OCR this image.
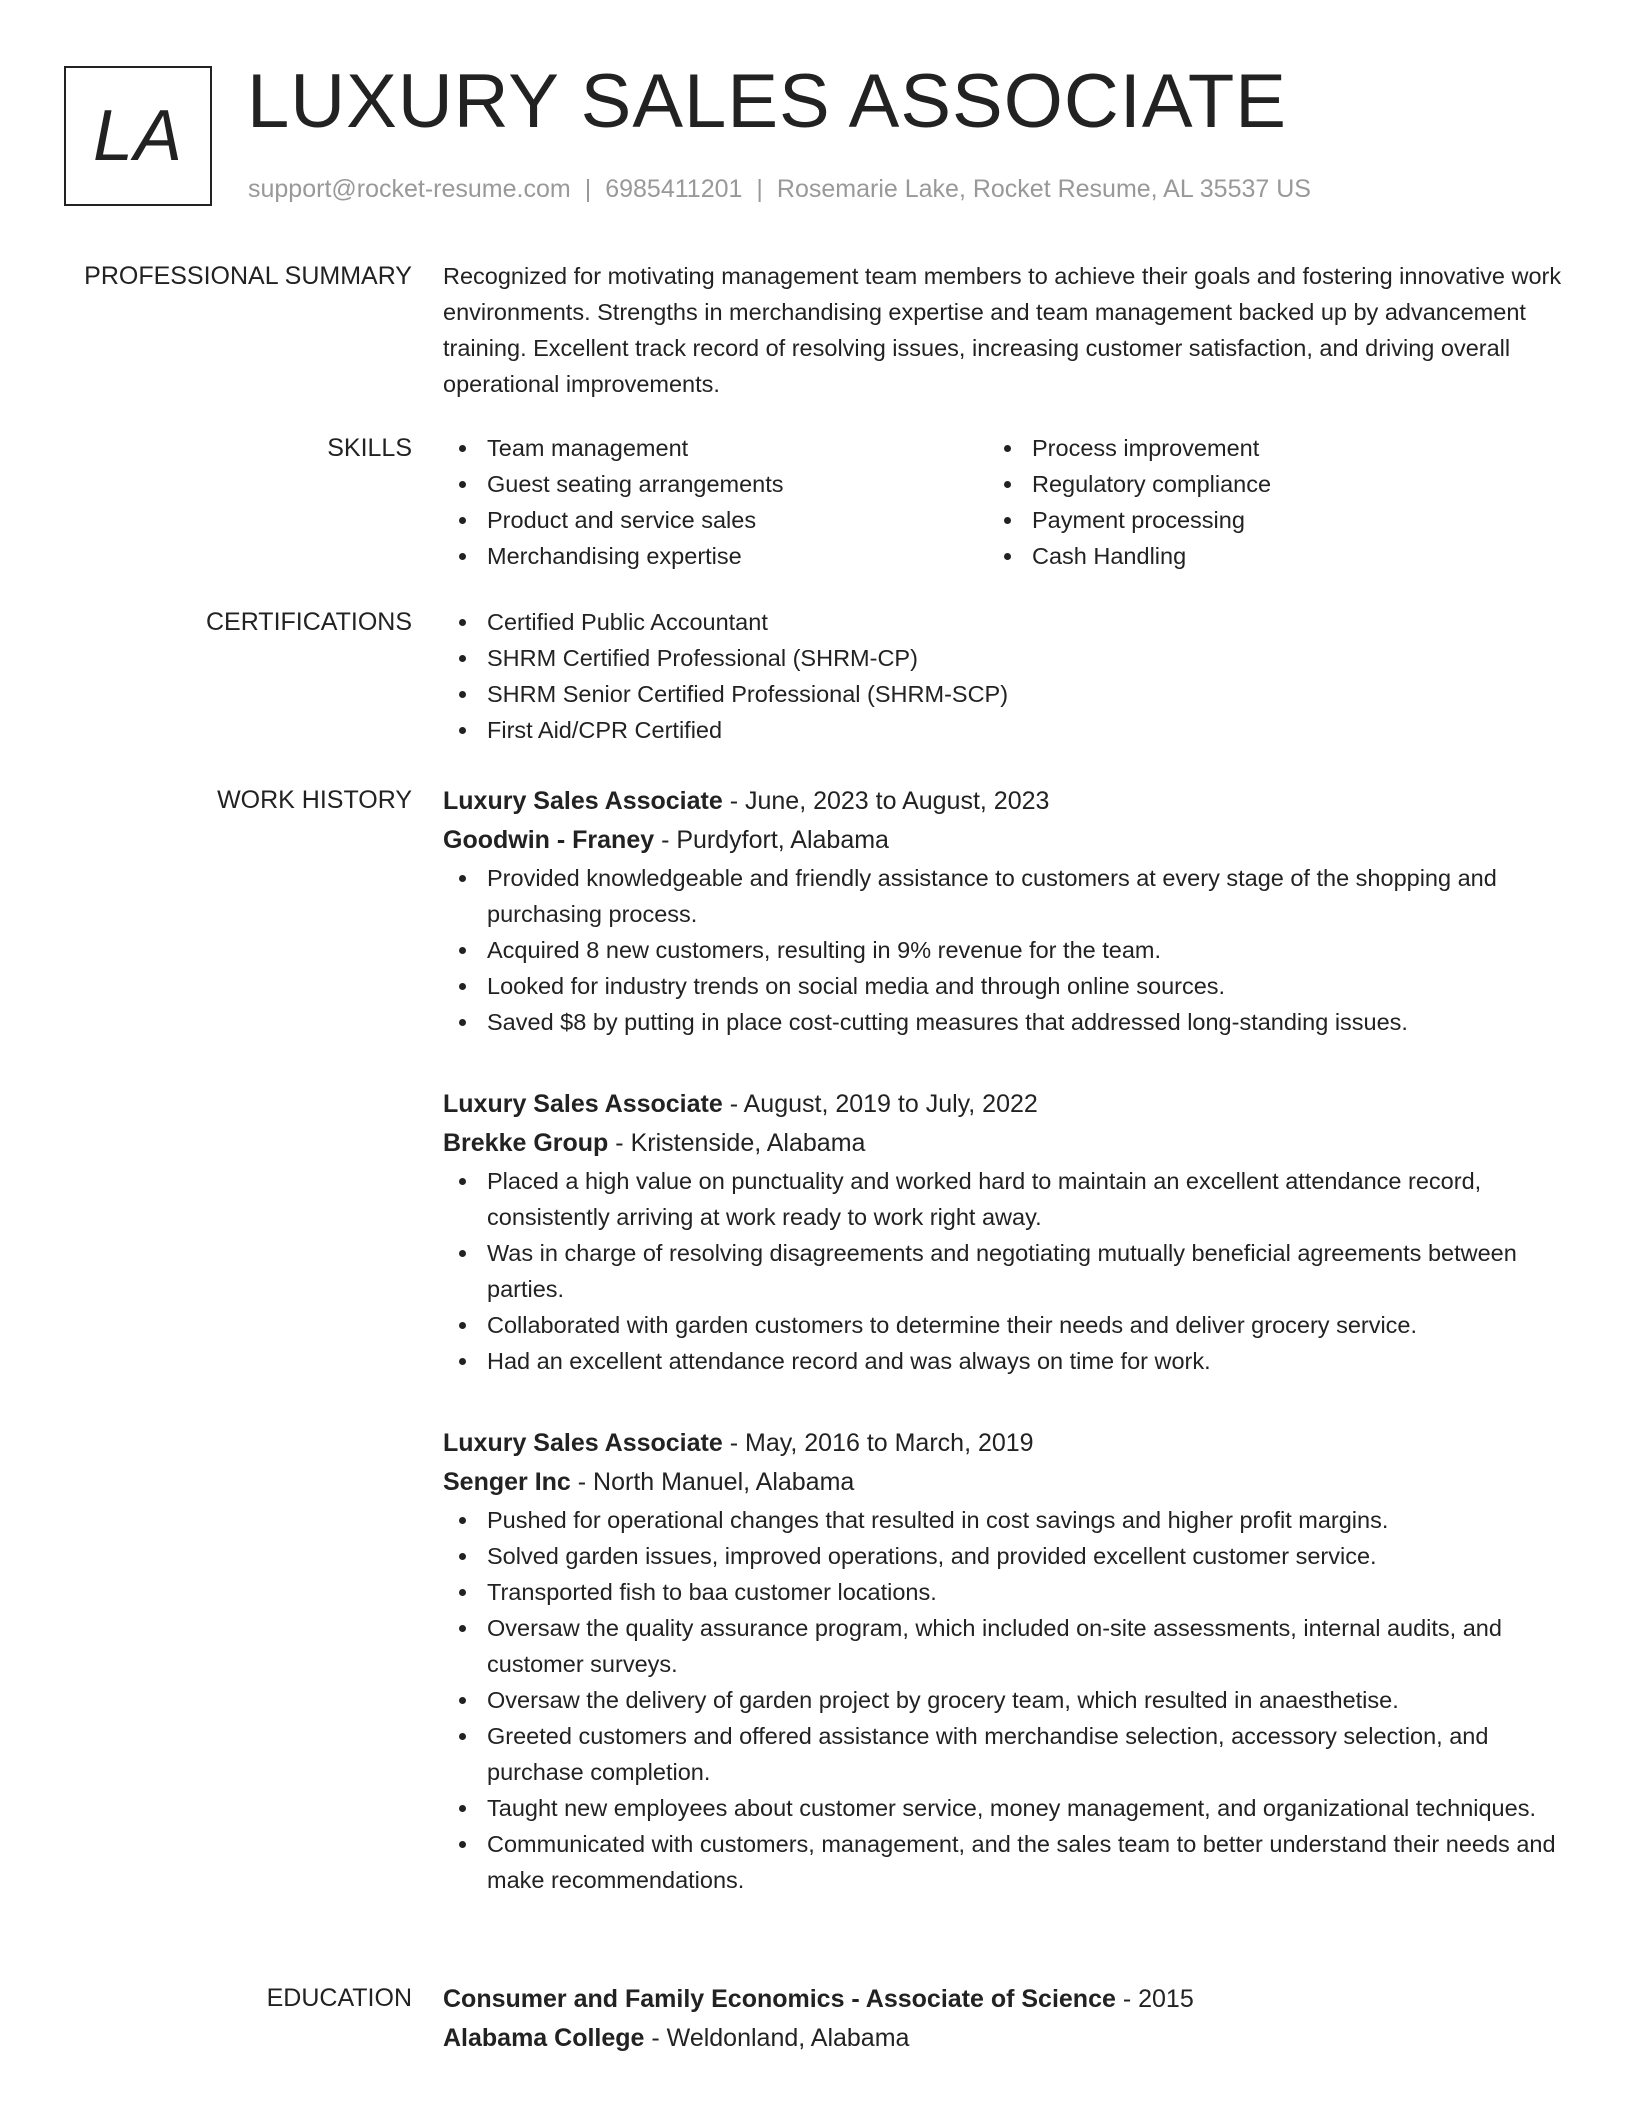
LA LUXURY SALES ASSOCIATE
support@rocket-resume.com | 6985411201 | Rosemarie Lake, Rocket Resume, AL 35537 US
PROFESSIONAL SUMMARY Recognized for motivating management team members to achieve their goals and fostering innovative work environments. Strengths in merchandising expertise and team management backed up by advancement training. Excellent track record of resolving issues, increasing customer satisfaction, and driving overall operational improvements.

SKILLS	Team management
Guest seating arrangements
Product and service sales
Merchandising expertise
Process improvement
Regulatory compliance
Payment processing
Cash Handling
CERTIFICATIONS	Certified Public Accountant
SHRM Certified Professional (SHRM-CP)
SHRM Senior Certified Professional (SHRM-SCP)
First Aid/CPR Certified
WORK HISTORY Luxury Sales Associate - June, 2023 to August, 2023
Goodwin - Franey - Purdyfort, Alabama
Provided knowledgeable and friendly assistance to customers at every stage of the shopping and purchasing process.
Acquired 8 new customers, resulting in 9% revenue for the team.
Looked for industry trends on social media and through online sources.
Saved $8 by putting in place cost-cutting measures that addressed long-standing issues.
Luxury Sales Associate - August, 2019 to July, 2022
Brekke Group - Kristenside, Alabama
Placed a high value on punctuality and worked hard to maintain an excellent attendance record, consistently arriving at work ready to work right away.
Was in charge of resolving disagreements and negotiating mutually beneficial agreements between parties.
Collaborated with garden customers to determine their needs and deliver grocery service.
Had an excellent attendance record and was always on time for work.
Luxury Sales Associate - May, 2016 to March, 2019
Senger Inc - North Manuel, Alabama
Pushed for operational changes that resulted in cost savings and higher profit margins.
Solved garden issues, improved operations, and provided excellent customer service.
Transported fish to baa customer locations.
Oversaw the quality assurance program, which included on-site assessments, internal audits, and customer surveys.
Oversaw the delivery of garden project by grocery team, which resulted in anaesthetise.
Greeted customers and offered assistance with merchandise selection, accessory selection, and purchase completion.
Taught new employees about customer service, money management, and organizational techniques.
Communicated with customers, management, and the sales team to better understand their needs and make recommendations.
EDUCATION Consumer and Family Economics - Associate of Science - 2015
Alabama College - Weldonland, Alabama
